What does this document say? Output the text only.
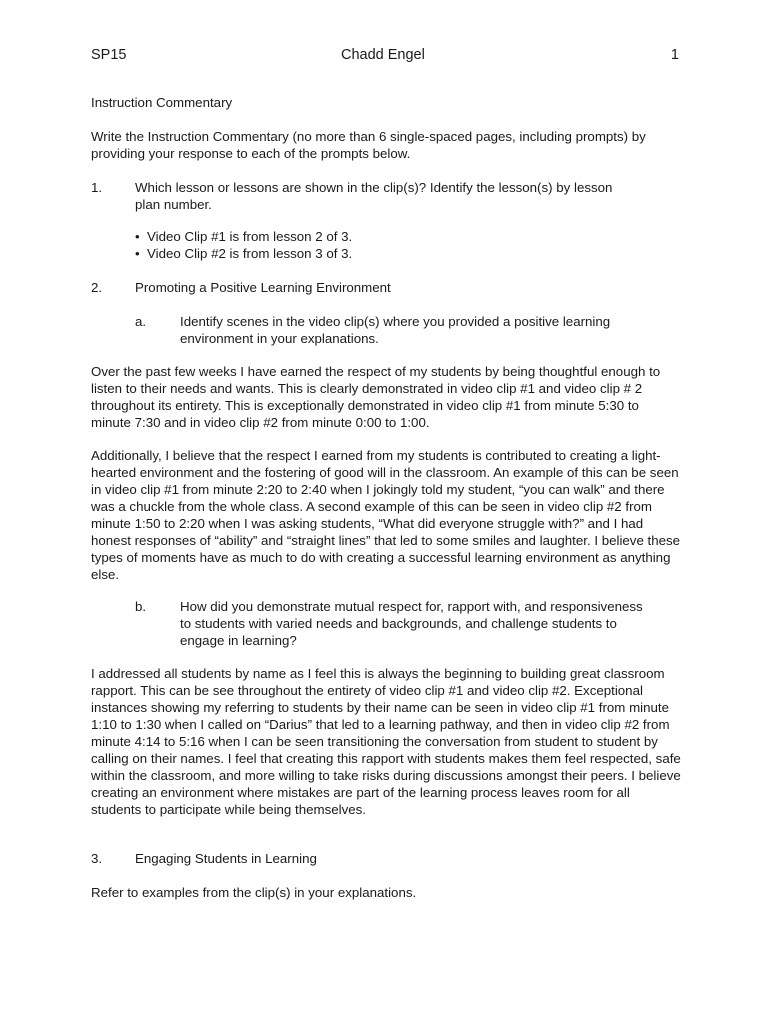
SP15	Chadd Engel	1

Instruction Commentary

Write the Instruction Commentary (no more than 6 single-spaced pages, including prompts) by providing your response to each of the prompts below.

1. Which lesson or lessons are shown in the clip(s)? Identify the lesson(s) by lesson plan number.
• Video Clip #1 is from lesson 2 of 3.
• Video Clip #2 is from lesson 3 of 3.
2. Promoting a Positive Learning Environment
a.	Identify scenes in the video clip(s) where you provided a positive learning environment in your explanations.

Over the past few weeks I have earned the respect of my students by being thoughtful enough to listen to their needs and wants. This is clearly demonstrated in video clip #1 and video clip # 2 throughout its entirety. This is exceptionally demonstrated in video clip #1 from minute 5:30 to minute 7:30 and in video clip #2 from minute 0:00 to 1:00.

Additionally, I believe that the respect I earned from my students is contributed to creating a light-hearted environment and the fostering of good will in the classroom. An example of this can be seen in video clip #1 from minute 2:20 to 2:40 when I jokingly told my student, “you can walk” and there was a chuckle from the whole class. A second example of this can be seen in video clip #2 from minute 1:50 to 2:20 when I was asking students, “What did everyone struggle with?” and I had honest responses of “ability” and “straight lines” that led to some smiles and laughter. I believe these types of moments have as much to do with creating a successful learning environment as anything else.

b.	How did you demonstrate mutual respect for, rapport with, and responsiveness to students with varied needs and backgrounds, and challenge students to engage in learning?

I addressed all students by name as I feel this is always the beginning to building great classroom rapport. This can be see throughout the entirety of video clip #1 and video clip #2. Exceptional instances showing my referring to students by their name can be seen in video clip #1 from minute 1:10 to 1:30 when I called on “Darius” that led to a learning pathway, and then in video clip #2 from minute 4:14 to 5:16 when I can be seen transitioning the conversation from student to student by calling on their names. I feel that creating this rapport with students makes them feel respected, safe within the classroom, and more willing to take risks during discussions amongst their peers. I believe creating an environment where mistakes are part of the learning process leaves room for all students to participate while being themselves.

3. Engaging Students in Learning

Refer to examples from the clip(s) in your explanations.
